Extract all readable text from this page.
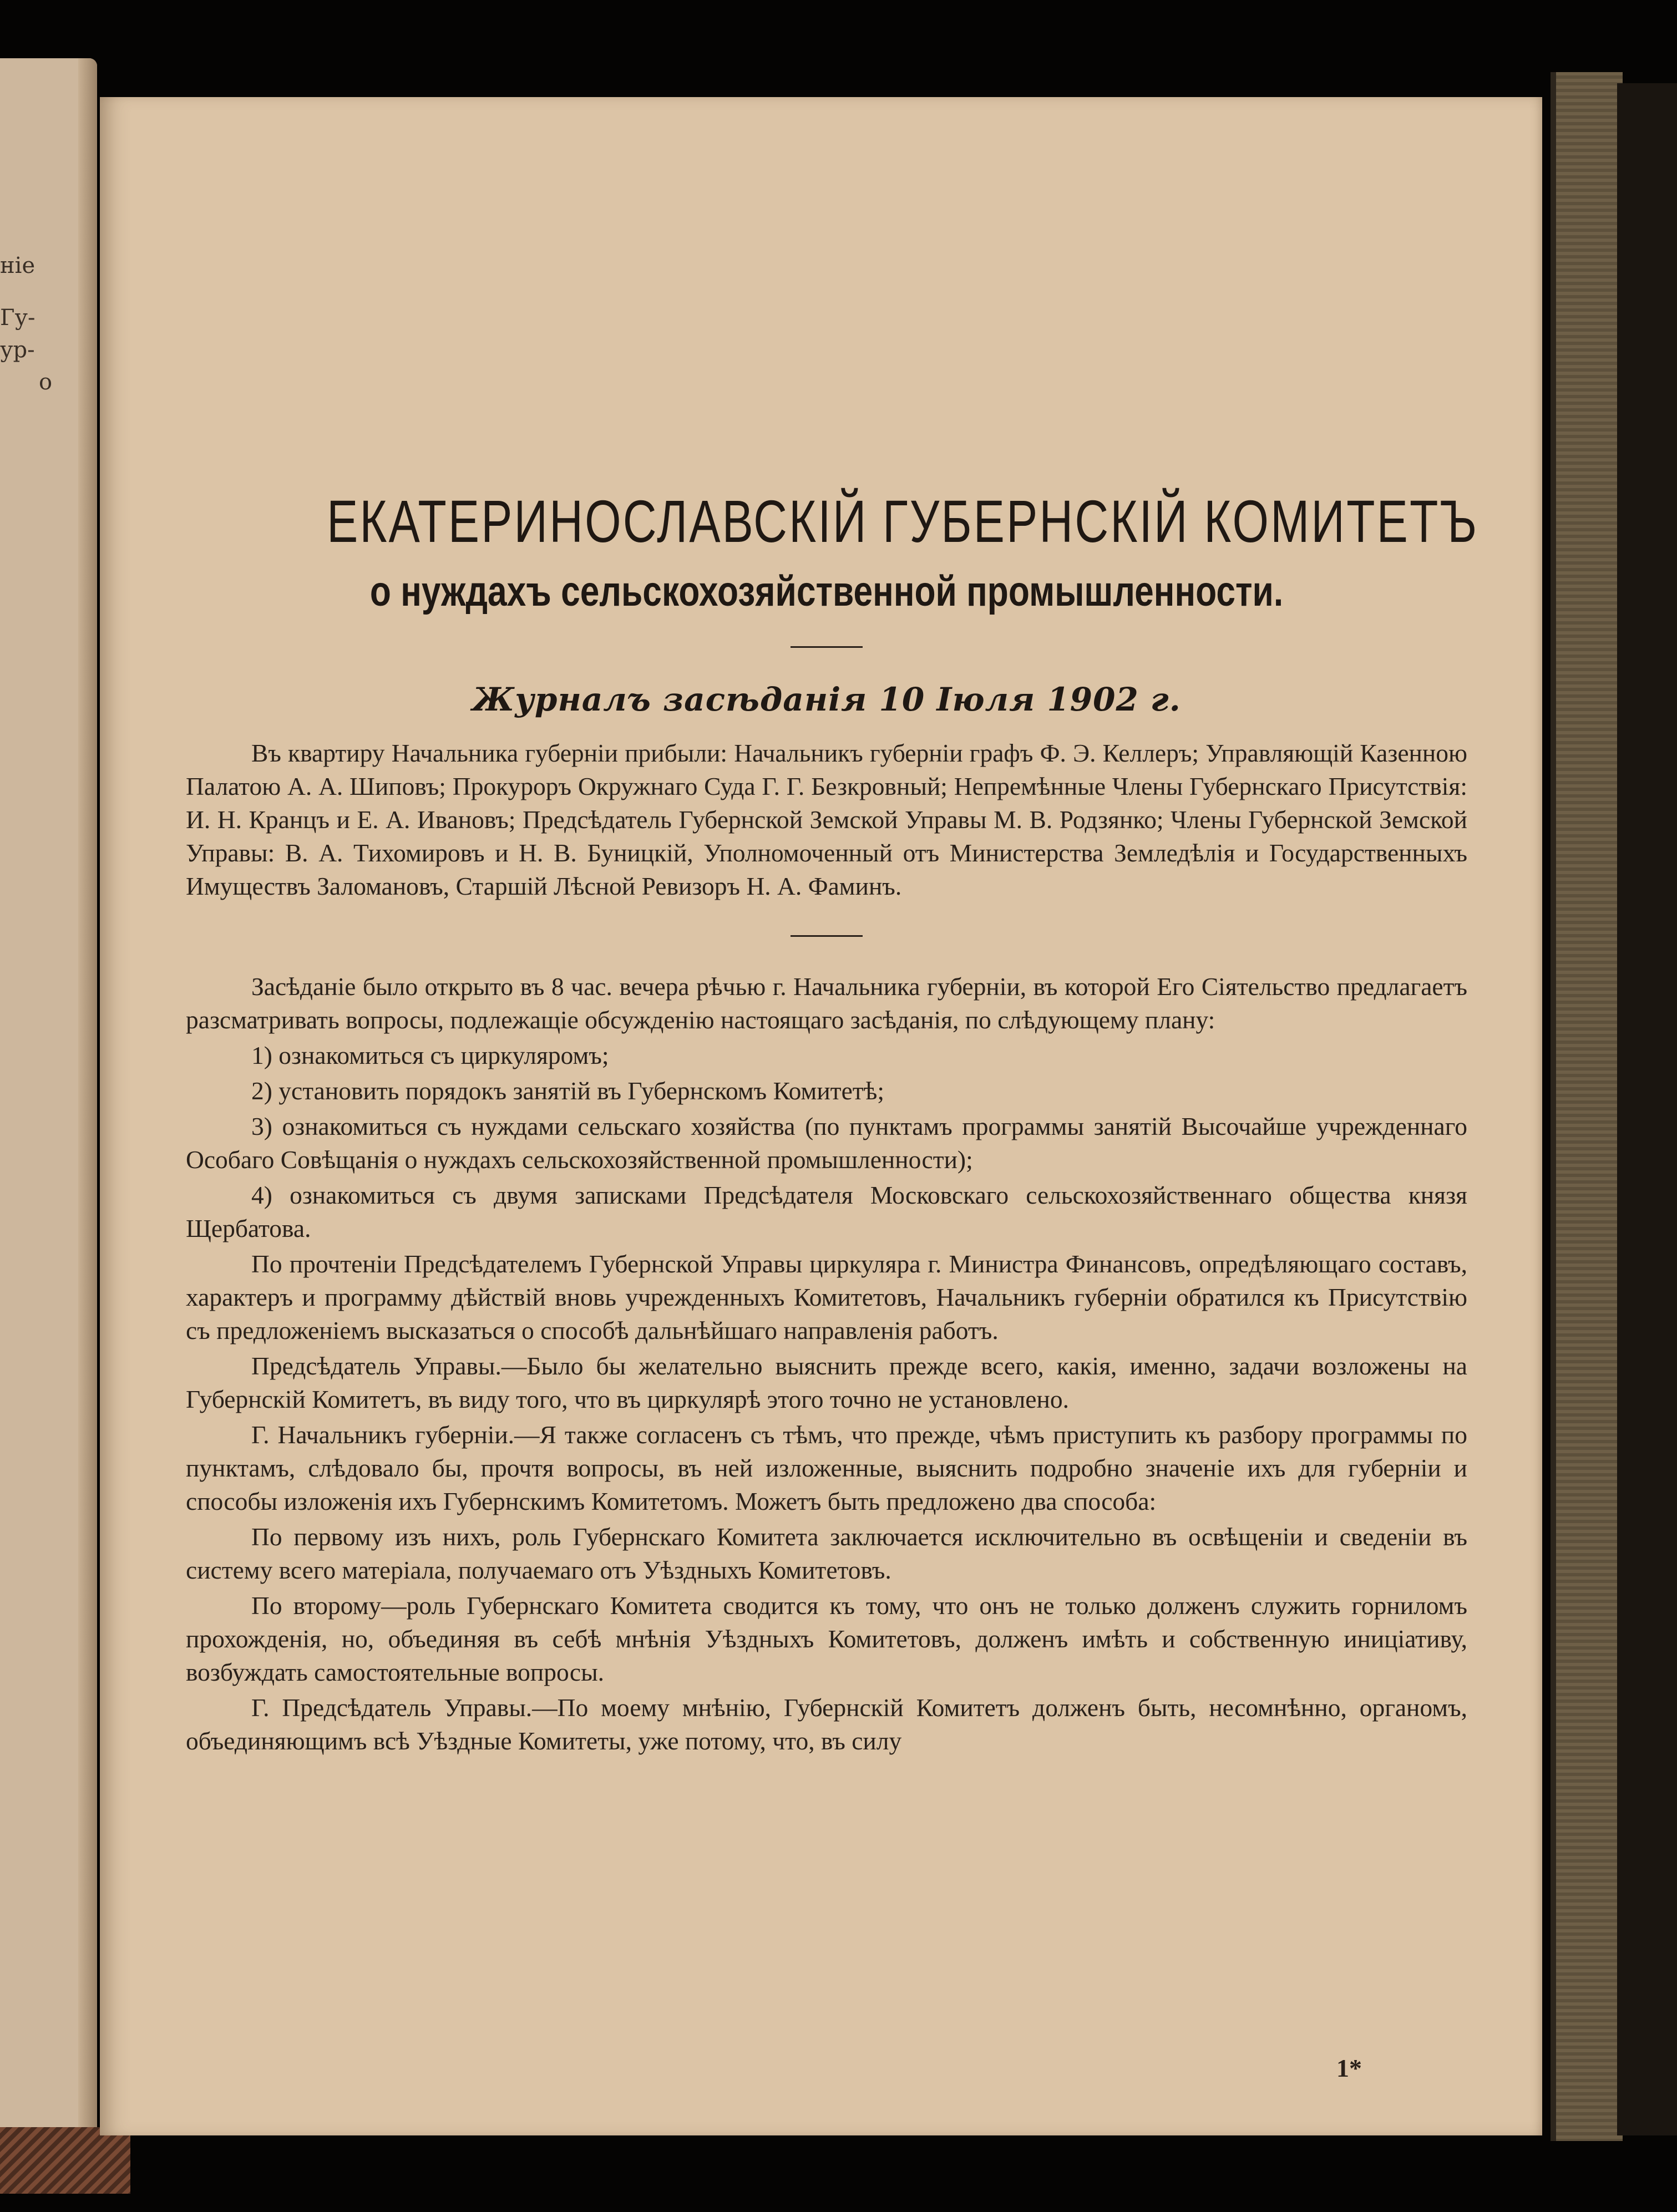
ніе
Гу-
ур-
о
ЕКАТЕРИНОСЛАВСКІЙ ГУБЕРНСКІЙ КОМИТЕТЪ
о нуждахъ сельскохозяйственной промышленности.
Журналъ засѣданія 10 Іюля 1902 г.

Въ квартиру Начальника губерніи прибыли: Начальникъ губерніи графъ Ф. Э. Келлеръ; Управляющій Казенною Палатою А. А. Шиповъ; Прокуроръ Окружнаго Суда Г. Г. Безкровный; Непремѣнные Члены Губернскаго Присутствія: И. Н. Кранцъ и Е. А. Ивановъ; Предсѣдатель Губернской Земской Управы М. В. Родзянко; Члены Губернской Земской Управы: В. А. Тихомировъ и Н. В. Буницкій, Уполномоченный отъ Министерства Земледѣлія и Государственныхъ Имуществъ Заломановъ, Старшій Лѣсной Ревизоръ Н. А. Фаминъ.

Засѣданіе было открыто въ 8 час. вечера рѣчью г. Начальника губерніи, въ которой Его Сіятельство предлагаетъ разсматривать вопросы, подлежащіе обсужденію настоящаго засѣданія, по слѣдующему плану:

1) ознакомиться съ циркуляромъ;

2) установить порядокъ занятій въ Губернскомъ Комитетѣ;

3) ознакомиться съ нуждами сельскаго хозяйства (по пунктамъ программы занятій Высочайше учрежденнаго Особаго Совѣщанія о нуждахъ сельскохозяйственной промышленности);

4) ознакомиться съ двумя записками Предсѣдателя Московскаго сельскохозяйственнаго общества князя Щербатова.

По прочтеніи Предсѣдателемъ Губернской Управы циркуляра г. Министра Финансовъ, опредѣляющаго составъ, характеръ и программу дѣйствій вновь учрежденныхъ Комитетовъ, Начальникъ губерніи обратился къ Присутствію съ предложеніемъ высказаться о способѣ дальнѣйшаго направленія работъ.

Предсѣдатель Управы.—Было бы желательно выяснить прежде всего, какія, именно, задачи возложены на Губернскій Комитетъ, въ виду того, что въ циркулярѣ этого точно не установлено.

Г. Начальникъ губерніи.—Я также согласенъ съ тѣмъ, что прежде, чѣмъ приступить къ разбору программы по пунктамъ, слѣдовало бы, прочтя вопросы, въ ней изложенные, выяснить подробно значеніе ихъ для губерніи и способы изложенія ихъ Губернскимъ Комитетомъ. Можетъ быть предложено два способа:

По первому изъ нихъ, роль Губернскаго Комитета заключается исключительно въ освѣщеніи и сведеніи въ систему всего матеріала, получаемаго отъ Уѣздныхъ Комитетовъ.

По второму—роль Губернскаго Комитета сводится къ тому, что онъ не только долженъ служить горниломъ прохожденія, но, объединяя въ себѣ мнѣнія Уѣздныхъ Комитетовъ, долженъ имѣть и собственную иниціативу, возбуждать самостоятельные вопросы.

Г. Предсѣдатель Управы.—По моему мнѣнію, Губернскій Комитетъ долженъ быть, несомнѣнно, органомъ, объединяющимъ всѣ Уѣздные Комитеты, уже потому, что, въ силу

1*
